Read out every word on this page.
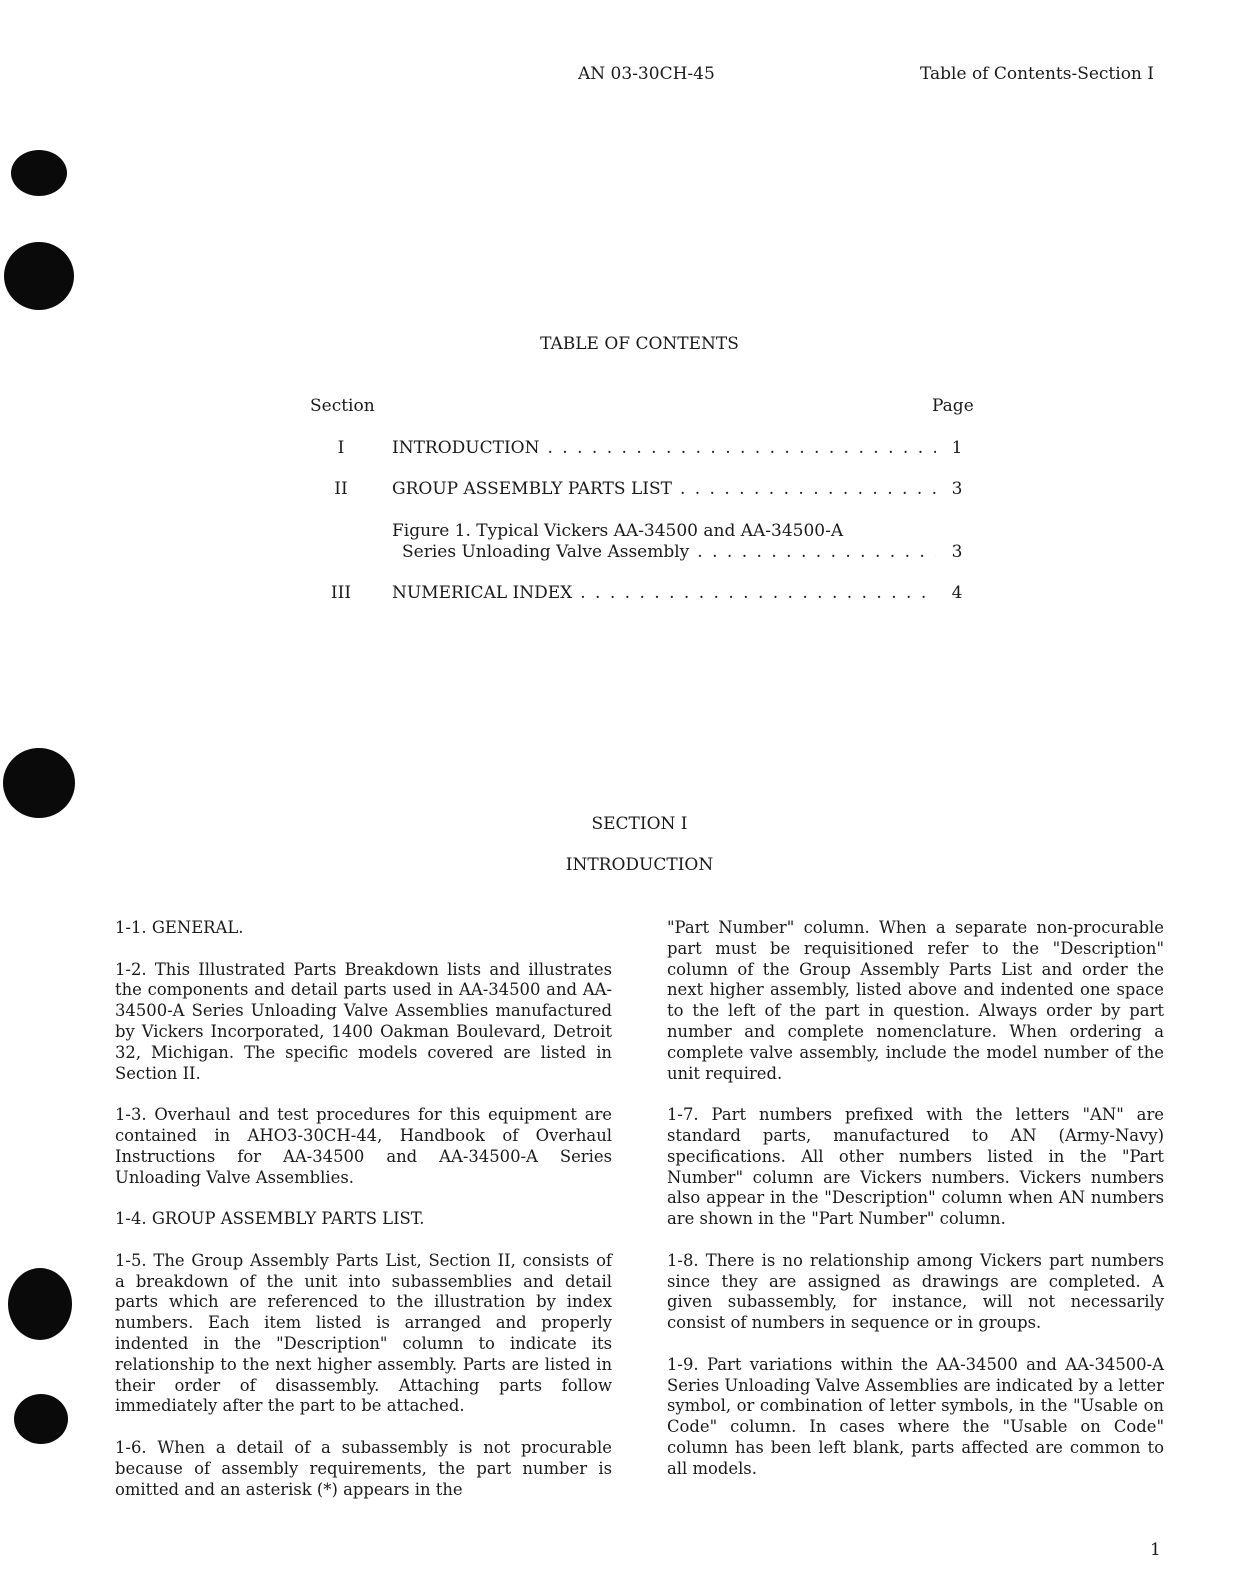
AN 03-30CH-45	Table of Contents-Section I
TABLE OF CONTENTS
Section	Page
I	INTRODUCTION . . .	1
II	GROUP ASSEMBLY PARTS LIST . . .	3
Figure 1. Typical Vickers AA-34500 and AA-34500-A
Series Unloading Valve Assembly . . .	3
III	NUMERICAL INDEX . . .	4
SECTION I
INTRODUCTION

1-1. GENERAL.

1-2. This Illustrated Parts Breakdown lists and illustrates the components and detail parts used in AA-34500 and AA-34500-A Series Unloading Valve Assemblies manufactured by Vickers Incorporated, 1400 Oakman Boulevard, Detroit 32, Michigan. The specific models covered are listed in Section II.

1-3. Overhaul and test procedures for this equipment are contained in AHO3-30CH-44, Handbook of Overhaul Instructions for AA-34500 and AA-34500-A Series Unloading Valve Assemblies.

1-4. GROUP ASSEMBLY PARTS LIST.

1-5. The Group Assembly Parts List, Section II, consists of a breakdown of the unit into subassemblies and detail parts which are referenced to the illustration by index numbers. Each item listed is arranged and properly indented in the "Description" column to indicate its relationship to the next higher assembly. Parts are listed in their order of disassembly. Attaching parts follow immediately after the part to be attached.

1-6. When a detail of a subassembly is not procurable because of assembly requirements, the part number is omitted and an asterisk (*) appears in the

"Part Number" column. When a separate non-procurable part must be requisitioned refer to the "Description" column of the Group Assembly Parts List and order the next higher assembly, listed above and indented one space to the left of the part in question. Always order by part number and complete nomenclature. When ordering a complete valve assembly, include the model number of the unit required.

1-7. Part numbers prefixed with the letters "AN" are standard parts, manufactured to AN (Army-Navy) specifications. All other numbers listed in the "Part Number" column are Vickers numbers. Vickers numbers also appear in the "Description" column when AN numbers are shown in the "Part Number" column.

1-8. There is no relationship among Vickers part numbers since they are assigned as drawings are completed. A given subassembly, for instance, will not necessarily consist of numbers in sequence or in groups.

1-9. Part variations within the AA-34500 and AA-34500-A Series Unloading Valve Assemblies are indicated by a letter symbol, or combination of letter symbols, in the "Usable on Code" column. In cases where the "Usable on Code" column has been left blank, parts affected are common to all models.

1
